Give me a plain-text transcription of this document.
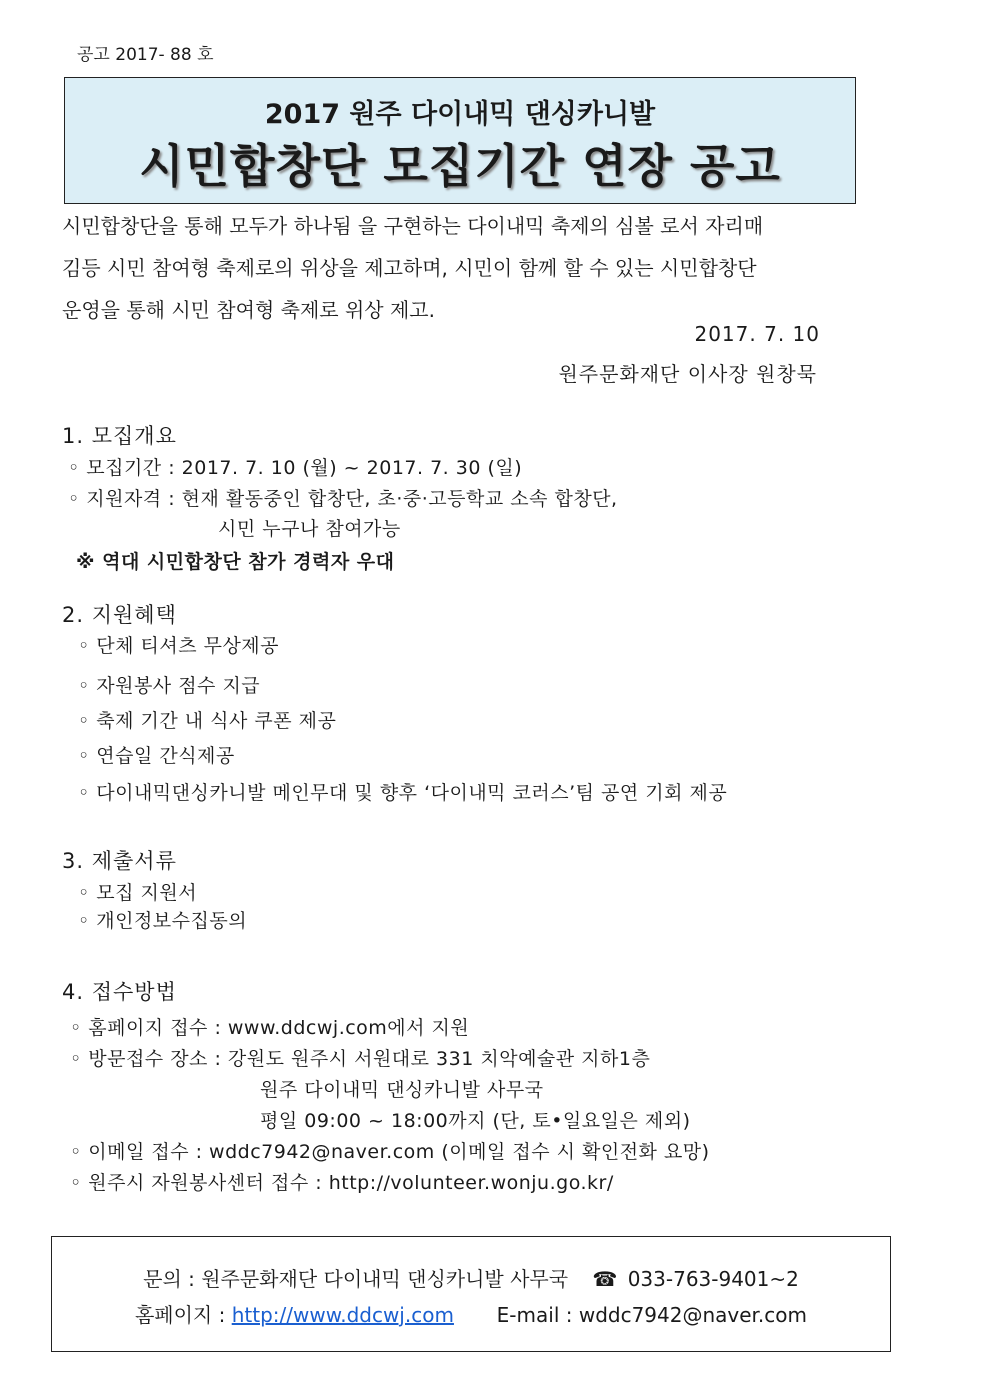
공고 2017- 88 호
2017 원주 다이내믹 댄싱카니발
시민합창단 모집기간 연장 공고

시민합창단을 통해 모두가 하나됨 을 구현하는 다이내믹 축제의 심볼 로서 자리매

김등 시민 참여형 축제로의 위상을 제고하며, 시민이 함께 할 수 있는 시민합창단

운영을 통해 시민 참여형 축제로 위상 제고.

2017. 7. 10
원주문화재단 이사장 원창묵
1. 모집개요
◦ 모집기간 : 2017. 7. 10 (월) ~ 2017. 7. 30 (일)
◦ 지원자격 : 현재 활동중인 합창단, 초·중·고등학교 소속 합창단,
시민 누구나 참여가능
※ 역대 시민합창단 참가 경력자 우대
2. 지원혜택
◦ 단체 티셔츠 무상제공
◦ 자원봉사 점수 지급
◦ 축제 기간 내 식사 쿠폰 제공
◦ 연습일 간식제공
◦ 다이내믹댄싱카니발 메인무대 및 향후 ‘다이내믹 코러스’팀 공연 기회 제공
3. 제출서류
◦ 모집 지원서
◦ 개인정보수집동의
4. 접수방법
◦ 홈페이지 접수 : www.ddcwj.com에서 지원
◦ 방문접수 장소 : 강원도 원주시 서원대로 331 치악예술관 지하1층
원주 다이내믹 댄싱카니발 사무국
평일 09:00 ~ 18:00까지 (단, 토•일요일은 제외)
◦ 이메일 접수 : wddc7942@naver.com (이메일 접수 시 확인전화 요망)
◦ 원주시 자원봉사센터 접수 : http://volunteer.wonju.go.kr/
문의 : 원주문화재단 다이내믹 댄싱카니발 사무국 ☎ 033-763-9401~2
홈페이지 : http://www.ddcwj.com E-mail : wddc7942@naver.com
